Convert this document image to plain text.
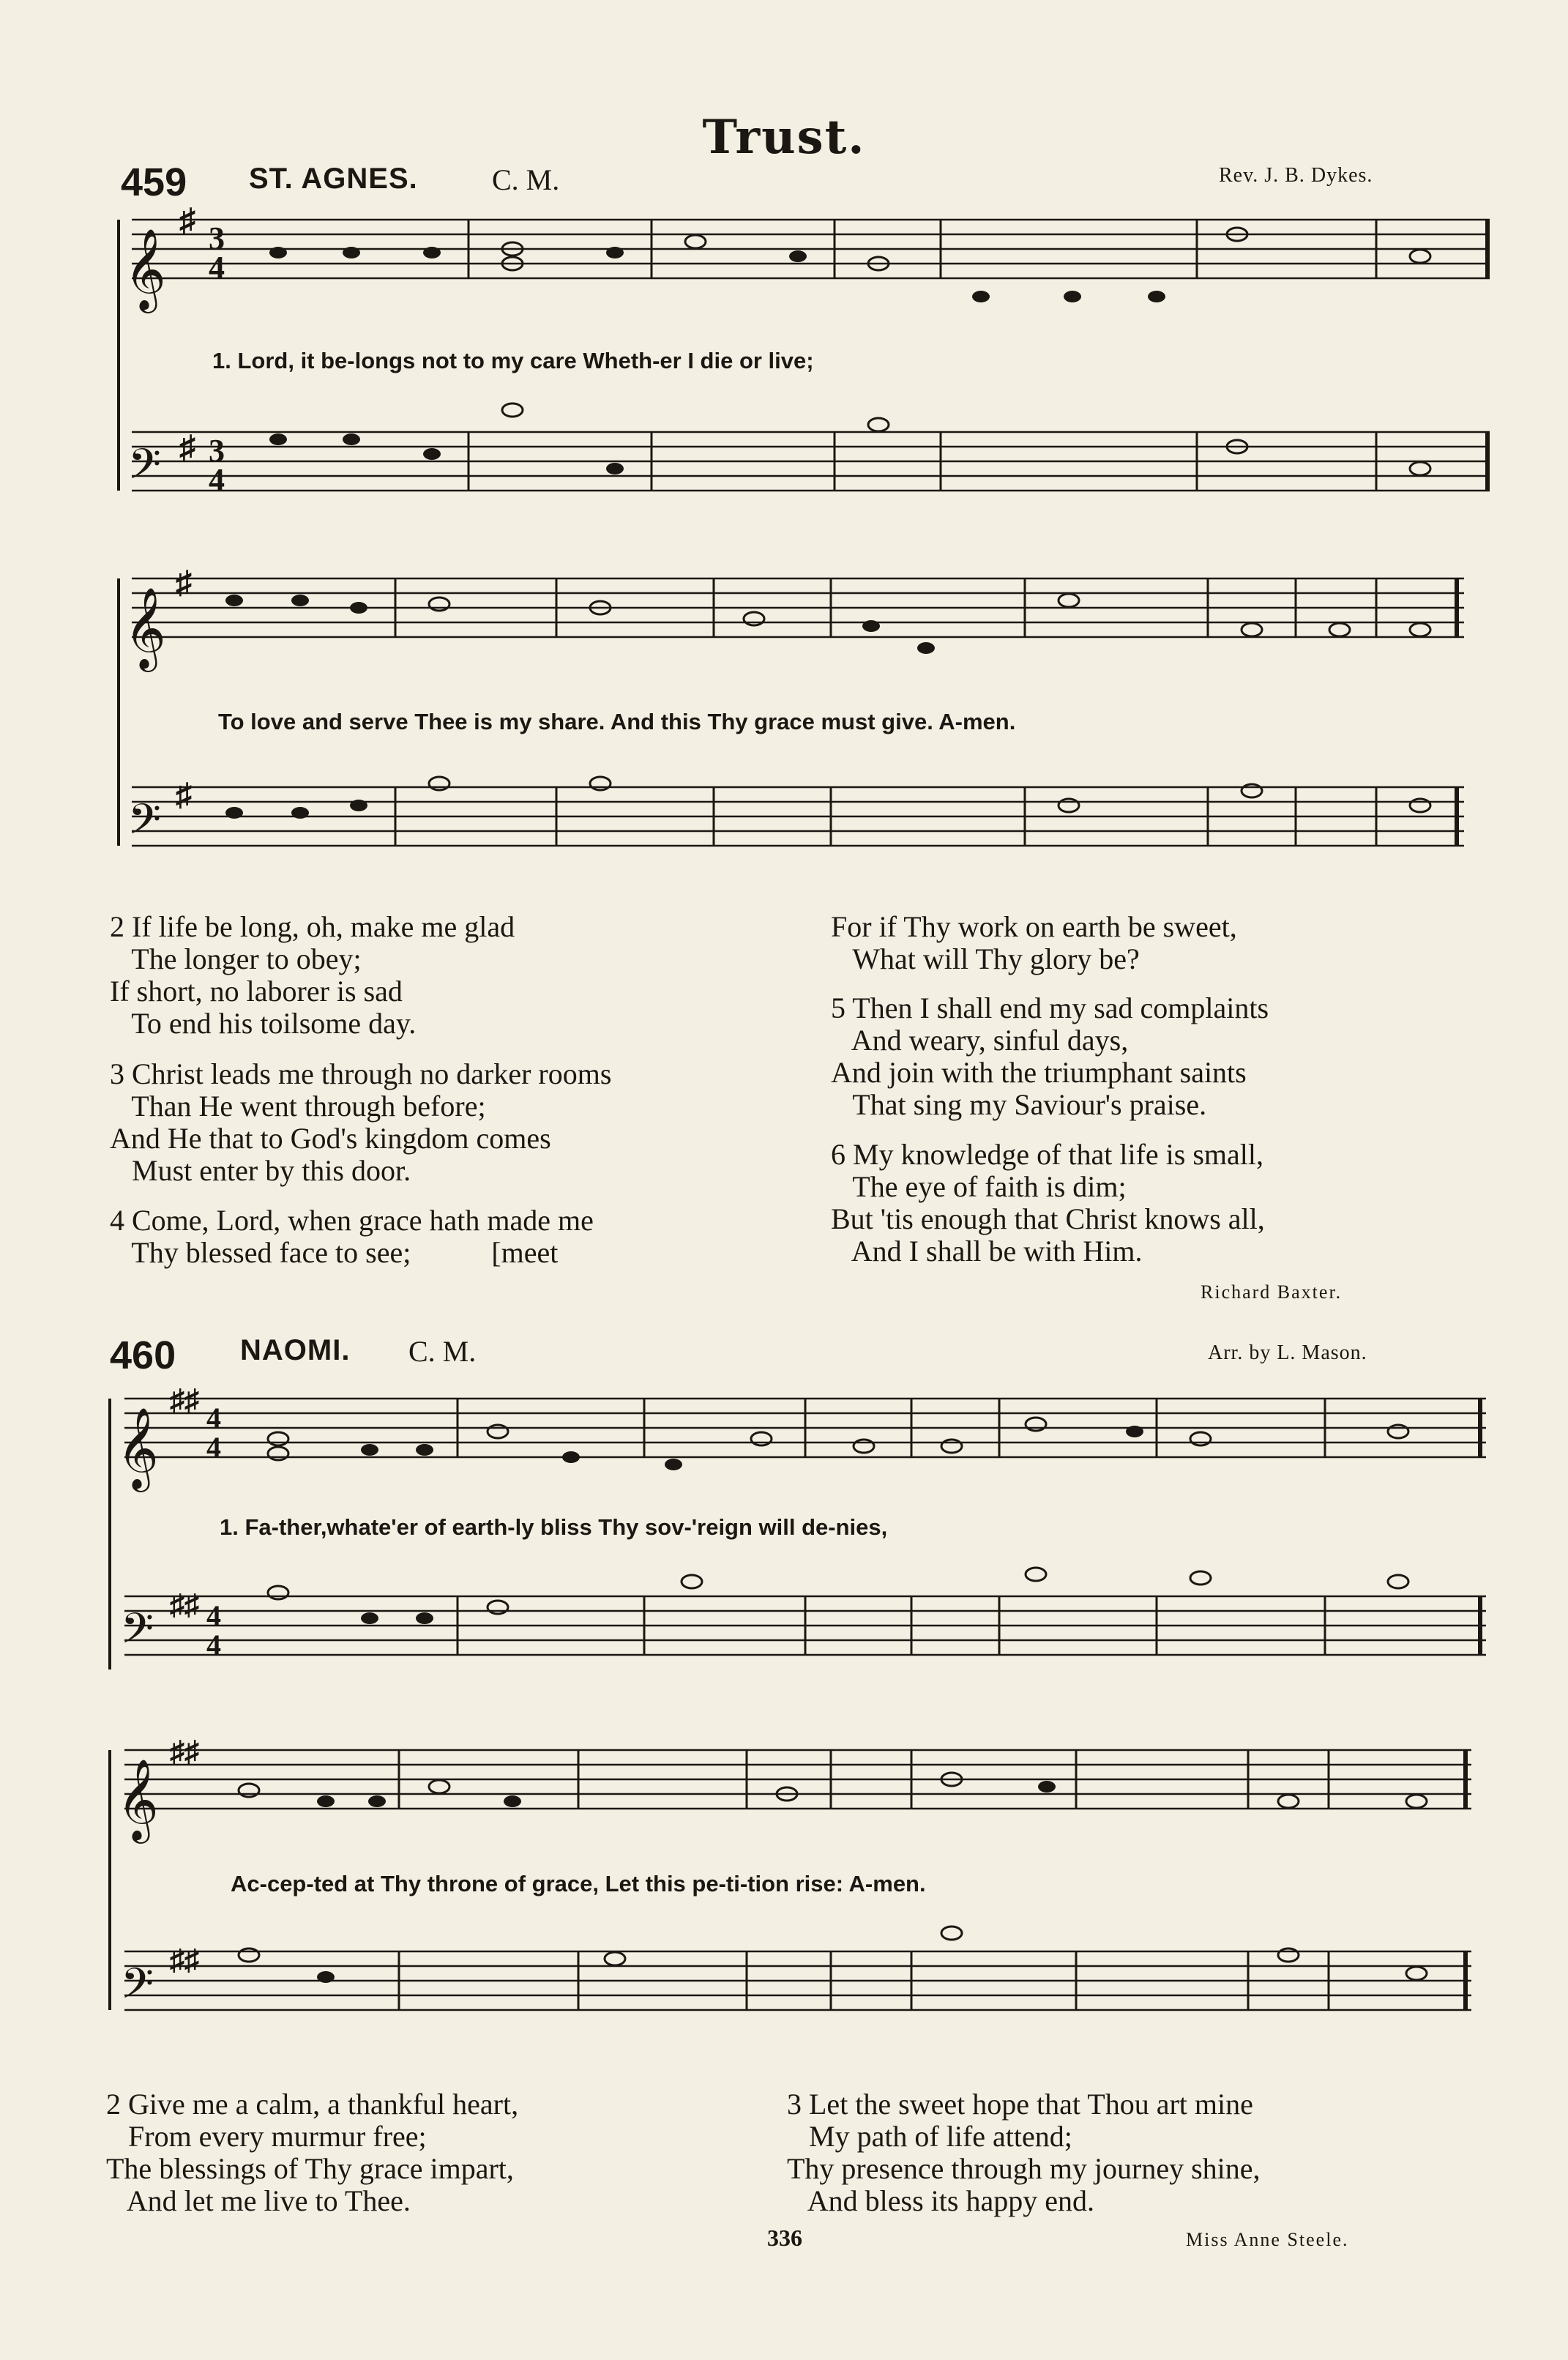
Trust.
459 ST. AGNES.	C. M.	Rev. J. B. Dykes.
𝄞
𝄞
𝄢
𝄢
♯
♯
♯
♯
3
4
3
4
𝄞
𝄞
𝄢
𝄢
♯♯
♯♯
♯♯
♯♯
4
4
4
4
1. Lord, it be-longs not to my care Wheth-er I die or live;
To love and serve Thee is my share. And this Thy grace must give. A-men.
2 If life be long, oh, make me glad
The longer to obey;
If short, no laborer is sad
To end his toilsome day.
3 Christ leads me through no darker rooms
Than He went through before;
And He that to God's kingdom comes
Must enter by this door.
4 Come, Lord, when grace hath made me
Thy blessed face to see;           [meet
For if Thy work on earth be sweet,
What will Thy glory be?
5 Then I shall end my sad complaints
And weary, sinful days,
And join with the triumphant saints
That sing my Saviour's praise.
6 My knowledge of that life is small,
The eye of faith is dim;
But 'tis enough that Christ knows all,
And I shall be with Him.
Richard Baxter.
460 NAOMI. C. M.	Arr. by L. Mason.
1. Fa-ther,whate'er of earth-ly bliss Thy sov-'reign will de-nies,
Ac-cep-ted at Thy throne of grace, Let this pe-ti-tion rise: A-men.
2 Give me a calm, a thankful heart,
From every murmur free;
The blessings of Thy grace impart,
And let me live to Thee.
3 Let the sweet hope that Thou art mine
My path of life attend;
Thy presence through my journey shine,
And bless its happy end.
336	Miss Anne Steele.
